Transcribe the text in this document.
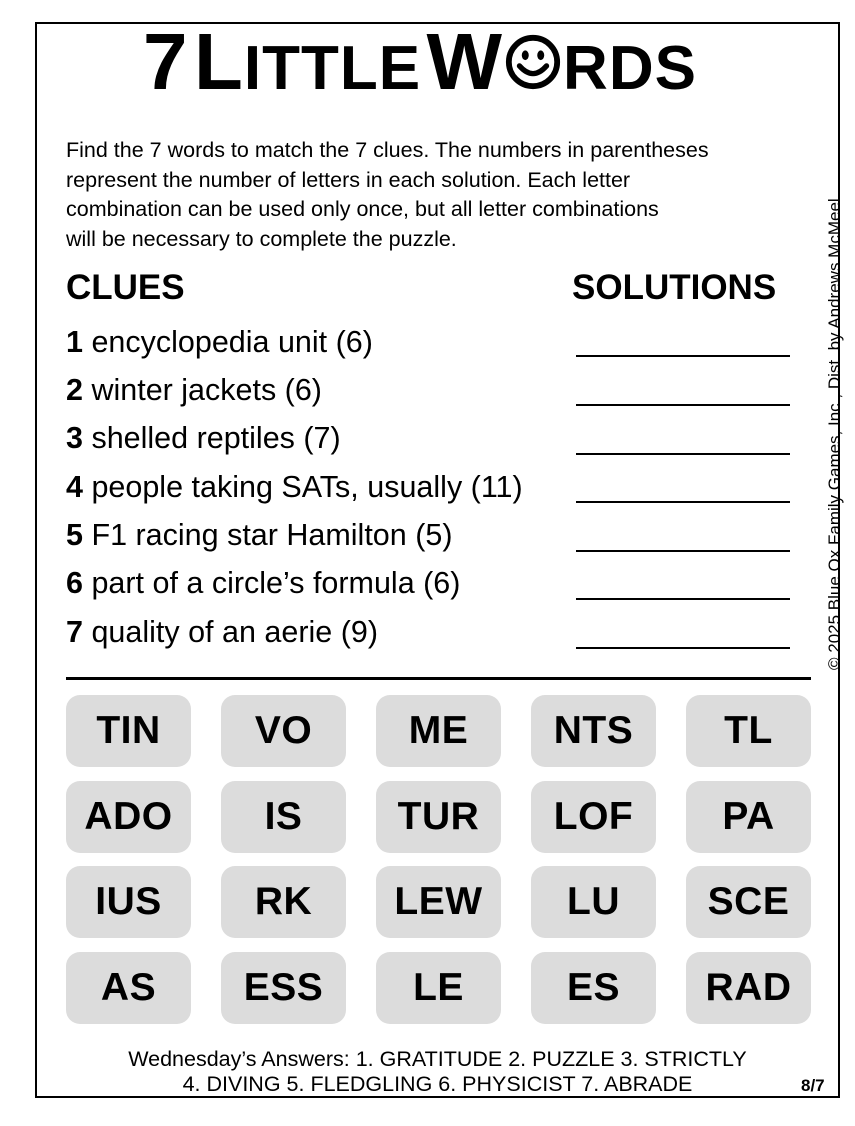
7 LITTLE W RDS
Find the 7 words to match the 7 clues. The numbers in parentheses
represent the number of letters in each solution. Each letter
combination can be used only once, but all letter combinations
will be necessary to complete the puzzle.
CLUES	SOLUTIONS
1 encyclopedia unit (6)
2 winter jackets (6)
3 shelled reptiles (7)
4 people taking SATs, usually (11)
5 F1 racing star Hamilton (5)
6 part of a circle’s formula (6)
7 quality of an aerie (9)	© 2025 Blue Ox Family Games, Inc., Dist. by Andrews McMeel
TIN	VO	ME	NTS	TL
ADO	IS	TUR	LOF	PA
IUS	RK	LEW	LU	SCE
AS	ESS	LE	ES	RAD
Wednesday’s Answers: 1. GRATITUDE 2. PUZZLE 3. STRICTLY
4. DIVING 5. FLEDGLING 6. PHYSICIST 7. ABRADE	8/7
